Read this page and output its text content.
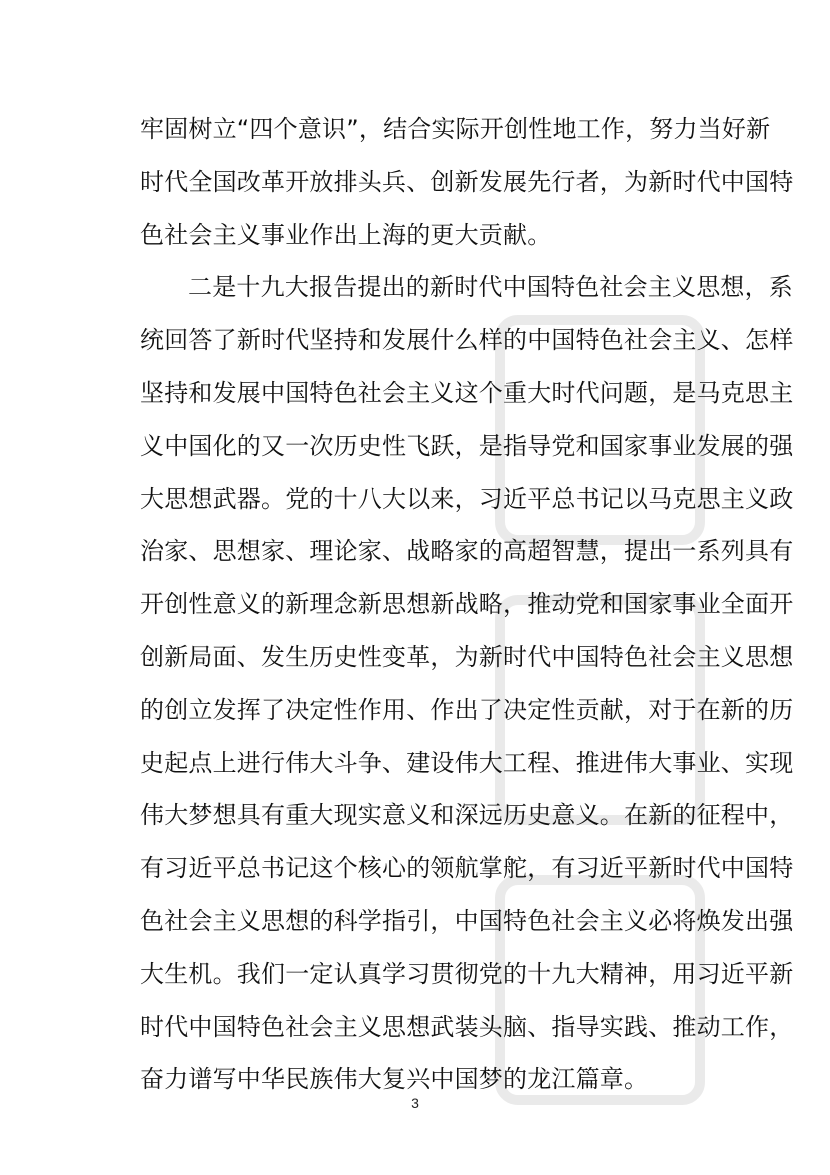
牢固树立“四个意识”，结合实际开创性地工作，努力当好新
时代全国改革开放排头兵、创新发展先行者，为新时代中国特
色社会主义事业作出上海的更大贡献。
二是十九大报告提出的新时代中国特色社会主义思想，系
统回答了新时代坚持和发展什么样的中国特色社会主义、怎样
坚持和发展中国特色社会主义这个重大时代问题，是马克思主
义中国化的又一次历史性飞跃，是指导党和国家事业发展的强
大思想武器。党的十八大以来，习近平总书记以马克思主义政
治家、思想家、理论家、战略家的高超智慧，提出一系列具有
开创性意义的新理念新思想新战略，推动党和国家事业全面开
创新局面、发生历史性变革，为新时代中国特色社会主义思想
的创立发挥了决定性作用、作出了决定性贡献，对于在新的历
史起点上进行伟大斗争、建设伟大工程、推进伟大事业、实现
伟大梦想具有重大现实意义和深远历史意义。在新的征程中，
有习近平总书记这个核心的领航掌舵，有习近平新时代中国特
色社会主义思想的科学指引，中国特色社会主义必将焕发出强
大生机。我们一定认真学习贯彻党的十九大精神，用习近平新
时代中国特色社会主义思想武装头脑、指导实践、推动工作，
奋力谱写中华民族伟大复兴中国梦的龙江篇章。
3
